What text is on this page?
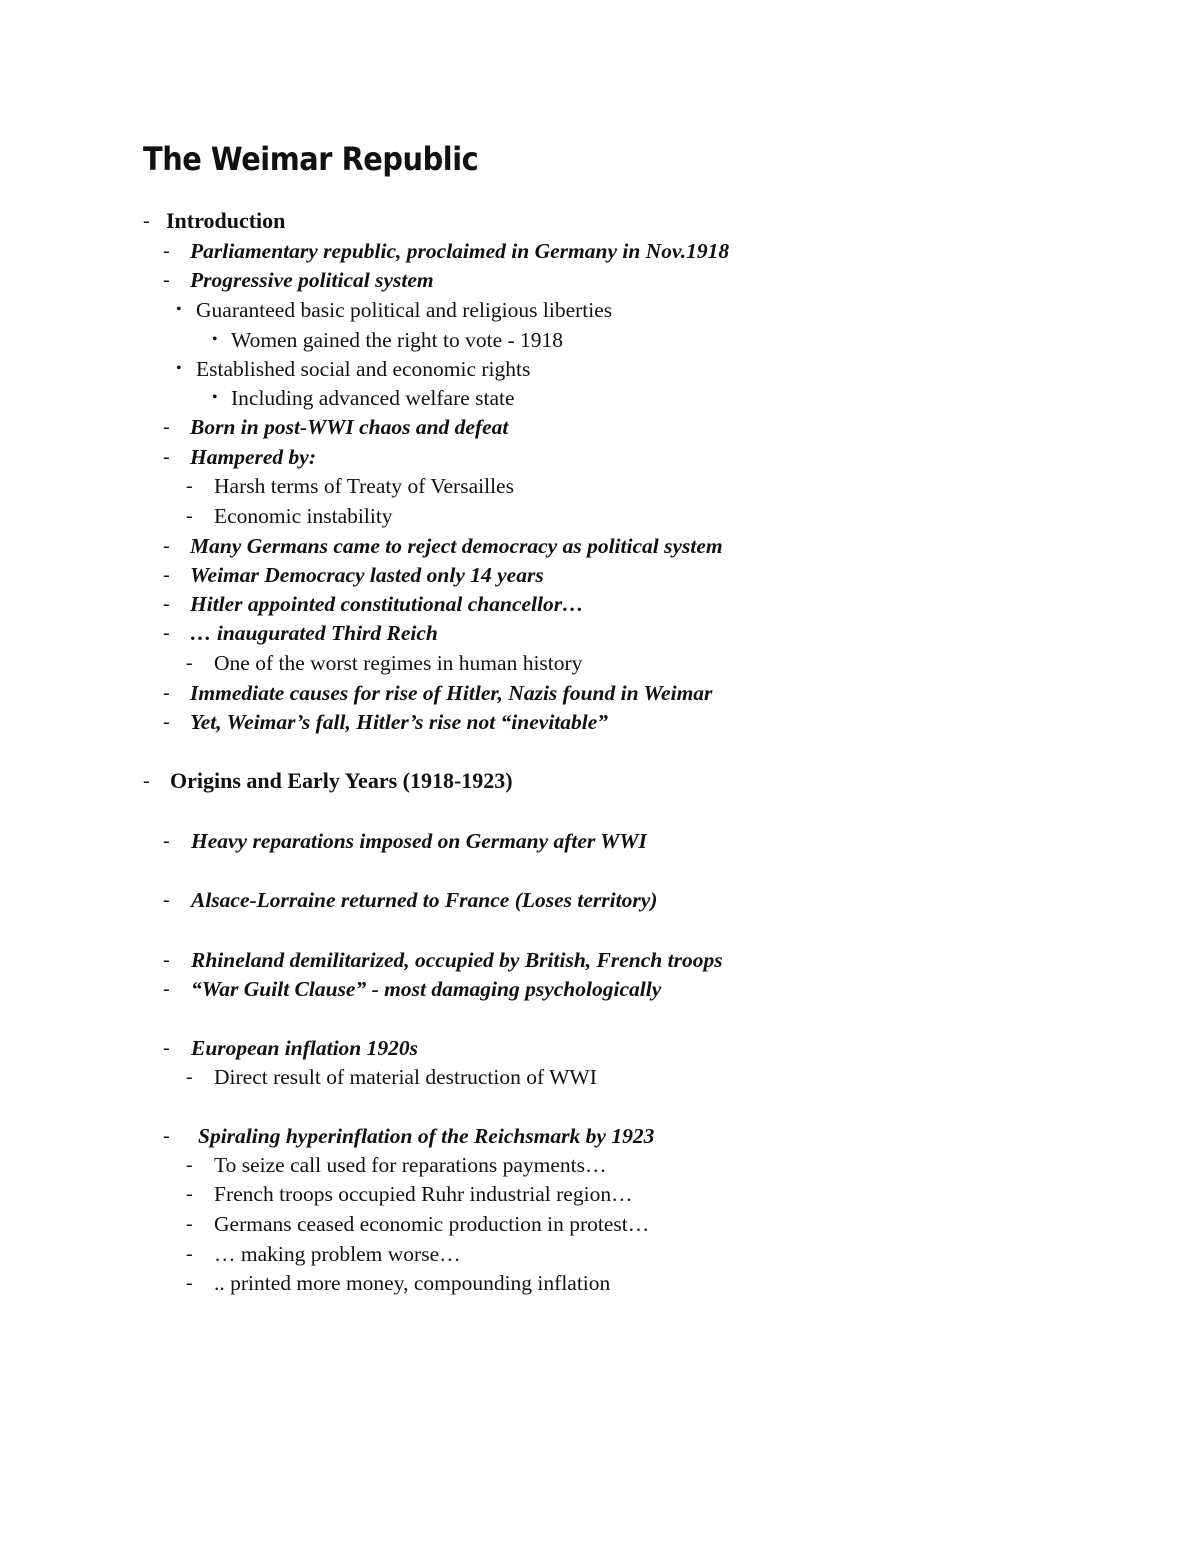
The Weimar Republic
- Introduction
- Parliamentary republic, proclaimed in Germany in Nov.1918
- Progressive political system
• Guaranteed basic political and religious liberties
• Women gained the right to vote - 1918
• Established social and economic rights
• Including advanced welfare state
- Born in post-WWI chaos and defeat
- Hampered by:
- Harsh terms of Treaty of Versailles
- Economic instability
- Many Germans came to reject democracy as political system
- Weimar Democracy lasted only 14 years
- Hitler appointed constitutional chancellor…
- … inaugurated Third Reich
- One of the worst regimes in human history
- Immediate causes for rise of Hitler, Nazis found in Weimar
- Yet, Weimar’s fall, Hitler’s rise not “inevitable”
- Origins and Early Years (1918-1923)
- Heavy reparations imposed on Germany after WWI
- Alsace-Lorraine returned to France (Loses territory)
- Rhineland demilitarized, occupied by British, French troops
- “War Guilt Clause” - most damaging psychologically
- European inflation 1920s
- Direct result of material destruction of WWI
- Spiraling hyperinflation of the Reichsmark by 1923
- To seize call used for reparations payments…
- French troops occupied Ruhr industrial region…
- Germans ceased economic production in protest…
- … making problem worse…
- .. printed more money, compounding inflation
